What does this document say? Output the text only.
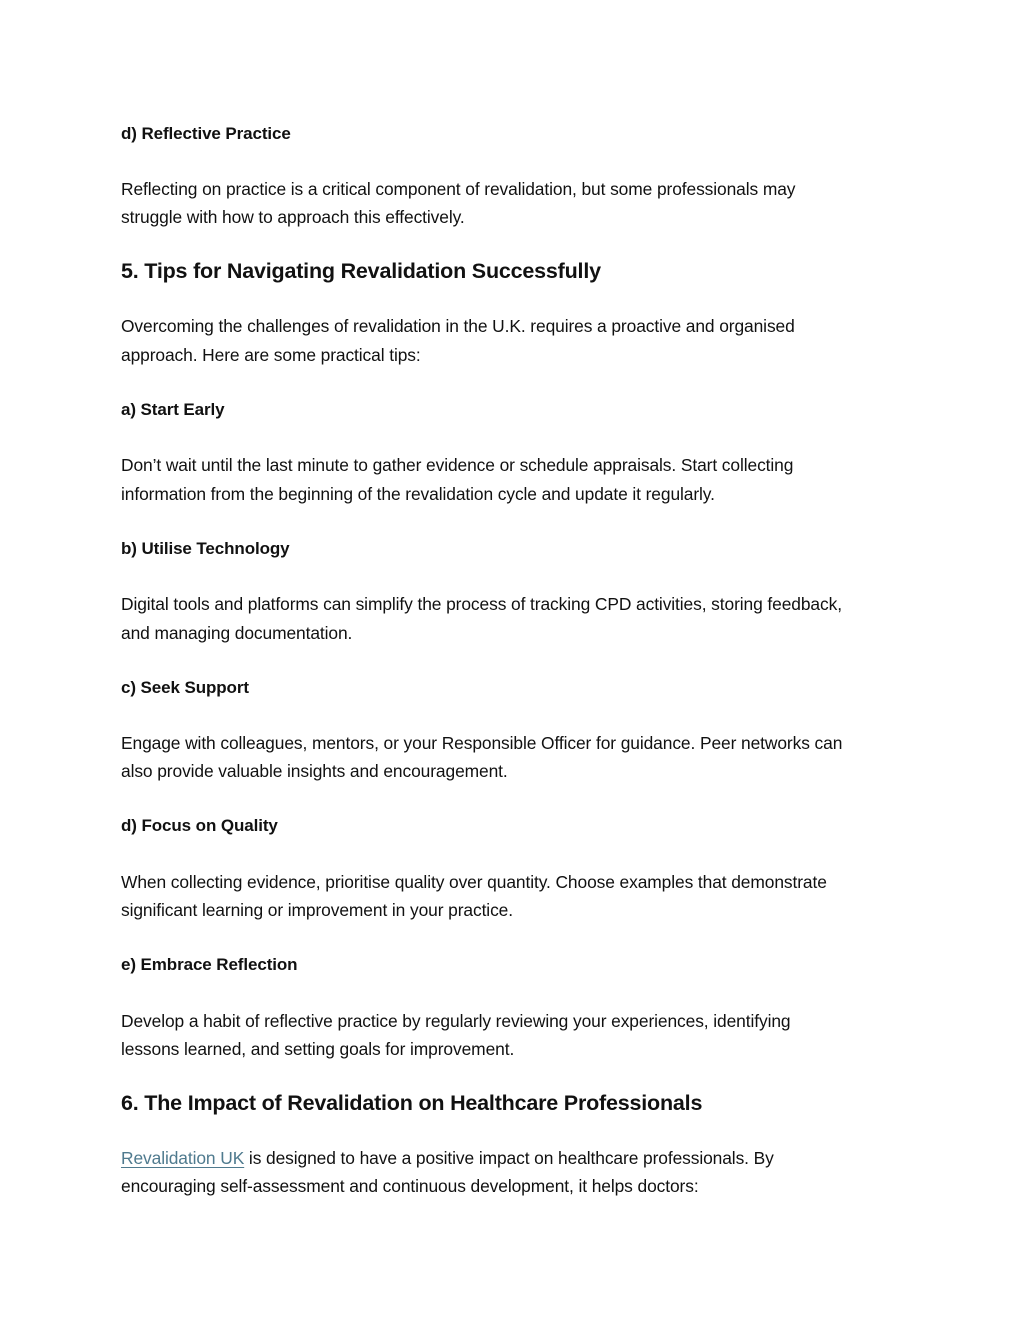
d) Reflective Practice
Reflecting on practice is a critical component of revalidation, but some professionals may
struggle with how to approach this effectively.
5. Tips for Navigating Revalidation Successfully
Overcoming the challenges of revalidation in the U.K. requires a proactive and organised
approach. Here are some practical tips:
a) Start Early
Don’t wait until the last minute to gather evidence or schedule appraisals. Start collecting
information from the beginning of the revalidation cycle and update it regularly.
b) Utilise Technology
Digital tools and platforms can simplify the process of tracking CPD activities, storing feedback,
and managing documentation.
c) Seek Support
Engage with colleagues, mentors, or your Responsible Officer for guidance. Peer networks can
also provide valuable insights and encouragement.
d) Focus on Quality
When collecting evidence, prioritise quality over quantity. Choose examples that demonstrate
significant learning or improvement in your practice.
e) Embrace Reflection
Develop a habit of reflective practice by regularly reviewing your experiences, identifying
lessons learned, and setting goals for improvement.
6. The Impact of Revalidation on Healthcare Professionals
Revalidation UK is designed to have a positive impact on healthcare professionals. By
encouraging self-assessment and continuous development, it helps doctors:
